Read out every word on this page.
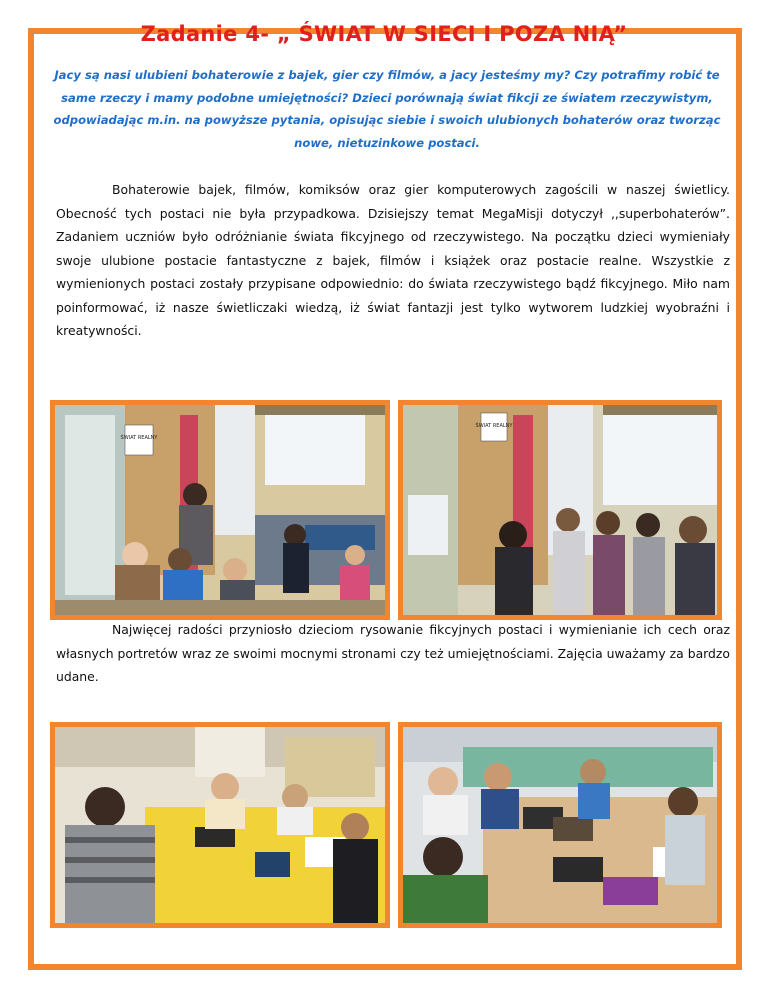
Zadanie 4- „ ŚWIAT W SIECI I POZA NIĄ”
Jacy są nasi ulubieni bohaterowie z bajek, gier czy filmów, a jacy jesteśmy my? Czy potrafimy robić te same rzeczy i mamy podobne umiejętności? Dzieci porównają świat fikcji ze światem rzeczywistym, odpowiadając m.in. na powyższe pytania, opisując siebie i swoich ulubionych bohaterów oraz tworząc nowe, nietuzinkowe postaci.
Bohaterowie bajek, filmów, komiksów oraz gier komputerowych zagościli w naszej świetlicy. Obecność tych postaci nie była przypadkowa. Dzisiejszy temat MegaMisji dotyczył ,,superbohaterów”. Zadaniem uczniów było odróżnianie świata fikcyjnego od rzeczywistego. Na początku dzieci wymieniały swoje ulubione postacie fantastyczne z bajek, filmów i książek oraz postacie realne. Wszystkie z wymienionych postaci zostały przypisane odpowiednio: do świata rzeczywistego bądź fikcyjnego. Miło nam poinformować, iż nasze świetliczaki wiedzą, iż świat fantazji jest tylko wytworem ludzkiej wyobraźni i kreatywności.
ŚWIAT REALNY
ŚWIAT REALNY
Najwięcej radości przyniosło dzieciom rysowanie fikcyjnych postaci i wymienianie ich cech oraz własnych portretów wraz ze swoimi mocnymi stronami czy też umiejętnościami. Zajęcia uważamy za bardzo udane.
